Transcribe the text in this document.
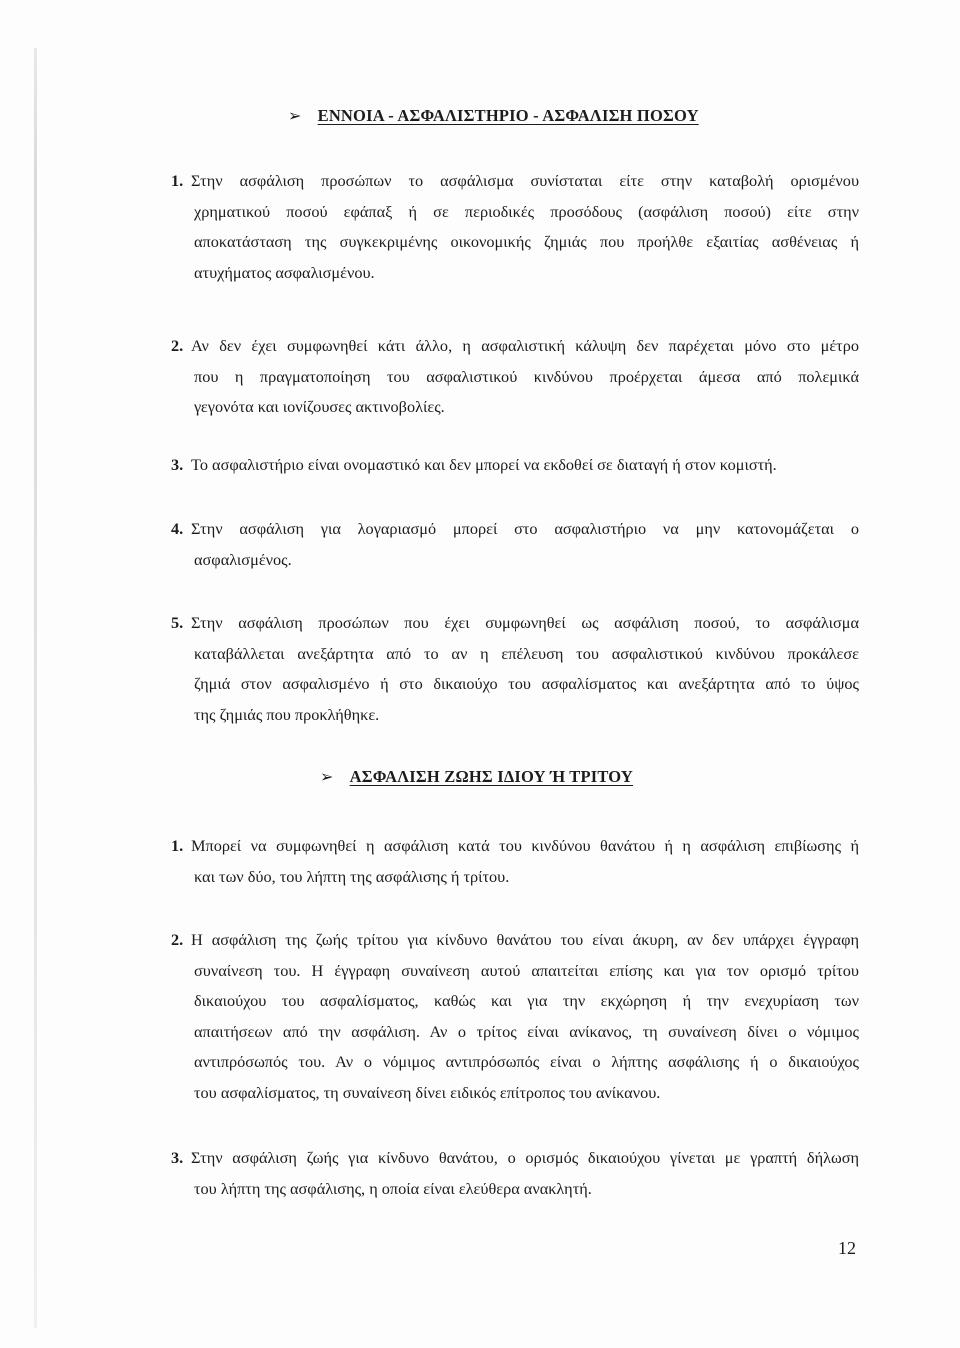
➢ ΕΝΝΟΙΑ - ΑΣΦΑΛΙΣΤΗΡΙΟ - ΑΣΦΑΛΙΣΗ ΠΟΣΟΥ
1. Στην ασφάλιση προσώπων το ασφάλισμα συνίσταται είτε στην καταβολή ορισμένου
χρηματικού ποσού εφάπαξ ή σε περιοδικές προσόδους (ασφάλιση ποσού) είτε στην
αποκατάσταση της συγκεκριμένης οικονομικής ζημιάς που προήλθε εξαιτίας ασθένειας ή
ατυχήματος ασφαλισμένου.
2. Αν δεν έχει συμφωνηθεί κάτι άλλο, η ασφαλιστική κάλυψη δεν παρέχεται μόνο στο μέτρο
που η πραγματοποίηση του ασφαλιστικού κινδύνου προέρχεται άμεσα από πολεμικά
γεγονότα και ιονίζουσες ακτινοβολίες.
3. Το ασφαλιστήριο είναι ονομαστικό και δεν μπορεί να εκδοθεί σε διαταγή ή στον κομιστή.
4. Στην ασφάλιση για λογαριασμό μπορεί στο ασφαλιστήριο να μην κατονομάζεται ο
ασφαλισμένος.
5. Στην ασφάλιση προσώπων που έχει συμφωνηθεί ως ασφάλιση ποσού, το ασφάλισμα
καταβάλλεται ανεξάρτητα από το αν η επέλευση του ασφαλιστικού κινδύνου προκάλεσε
ζημιά στον ασφαλισμένο ή στο δικαιούχο του ασφαλίσματος και ανεξάρτητα από το ύψος
της ζημιάς που προκλήθηκε.
➢ ΑΣΦΑΛΙΣΗ ΖΩΗΣ ΙΔΙΟΥ Ή ΤΡΙΤΟΥ
1. Μπορεί να συμφωνηθεί η ασφάλιση κατά του κινδύνου θανάτου ή η ασφάλιση επιβίωσης ή
και των δύο, του λήπτη της ασφάλισης ή τρίτου.
2. Η ασφάλιση της ζωής τρίτου για κίνδυνο θανάτου του είναι άκυρη, αν δεν υπάρχει έγγραφη
συναίνεση του. Η έγγραφη συναίνεση αυτού απαιτείται επίσης και για τον ορισμό τρίτου
δικαιούχου του ασφαλίσματος, καθώς και για την εκχώρηση ή την ενεχυρίαση των
απαιτήσεων από την ασφάλιση. Αν ο τρίτος είναι ανίκανος, τη συναίνεση δίνει ο νόμιμος
αντιπρόσωπός του. Αν ο νόμιμος αντιπρόσωπός είναι ο λήπτης ασφάλισης ή ο δικαιούχος
του ασφαλίσματος, τη συναίνεση δίνει ειδικός επίτροπος του ανίκανου.
3. Στην ασφάλιση ζωής για κίνδυνο θανάτου, ο ορισμός δικαιούχου γίνεται με γραπτή δήλωση
του λήπτη της ασφάλισης, η οποία είναι ελεύθερα ανακλητή.
12
